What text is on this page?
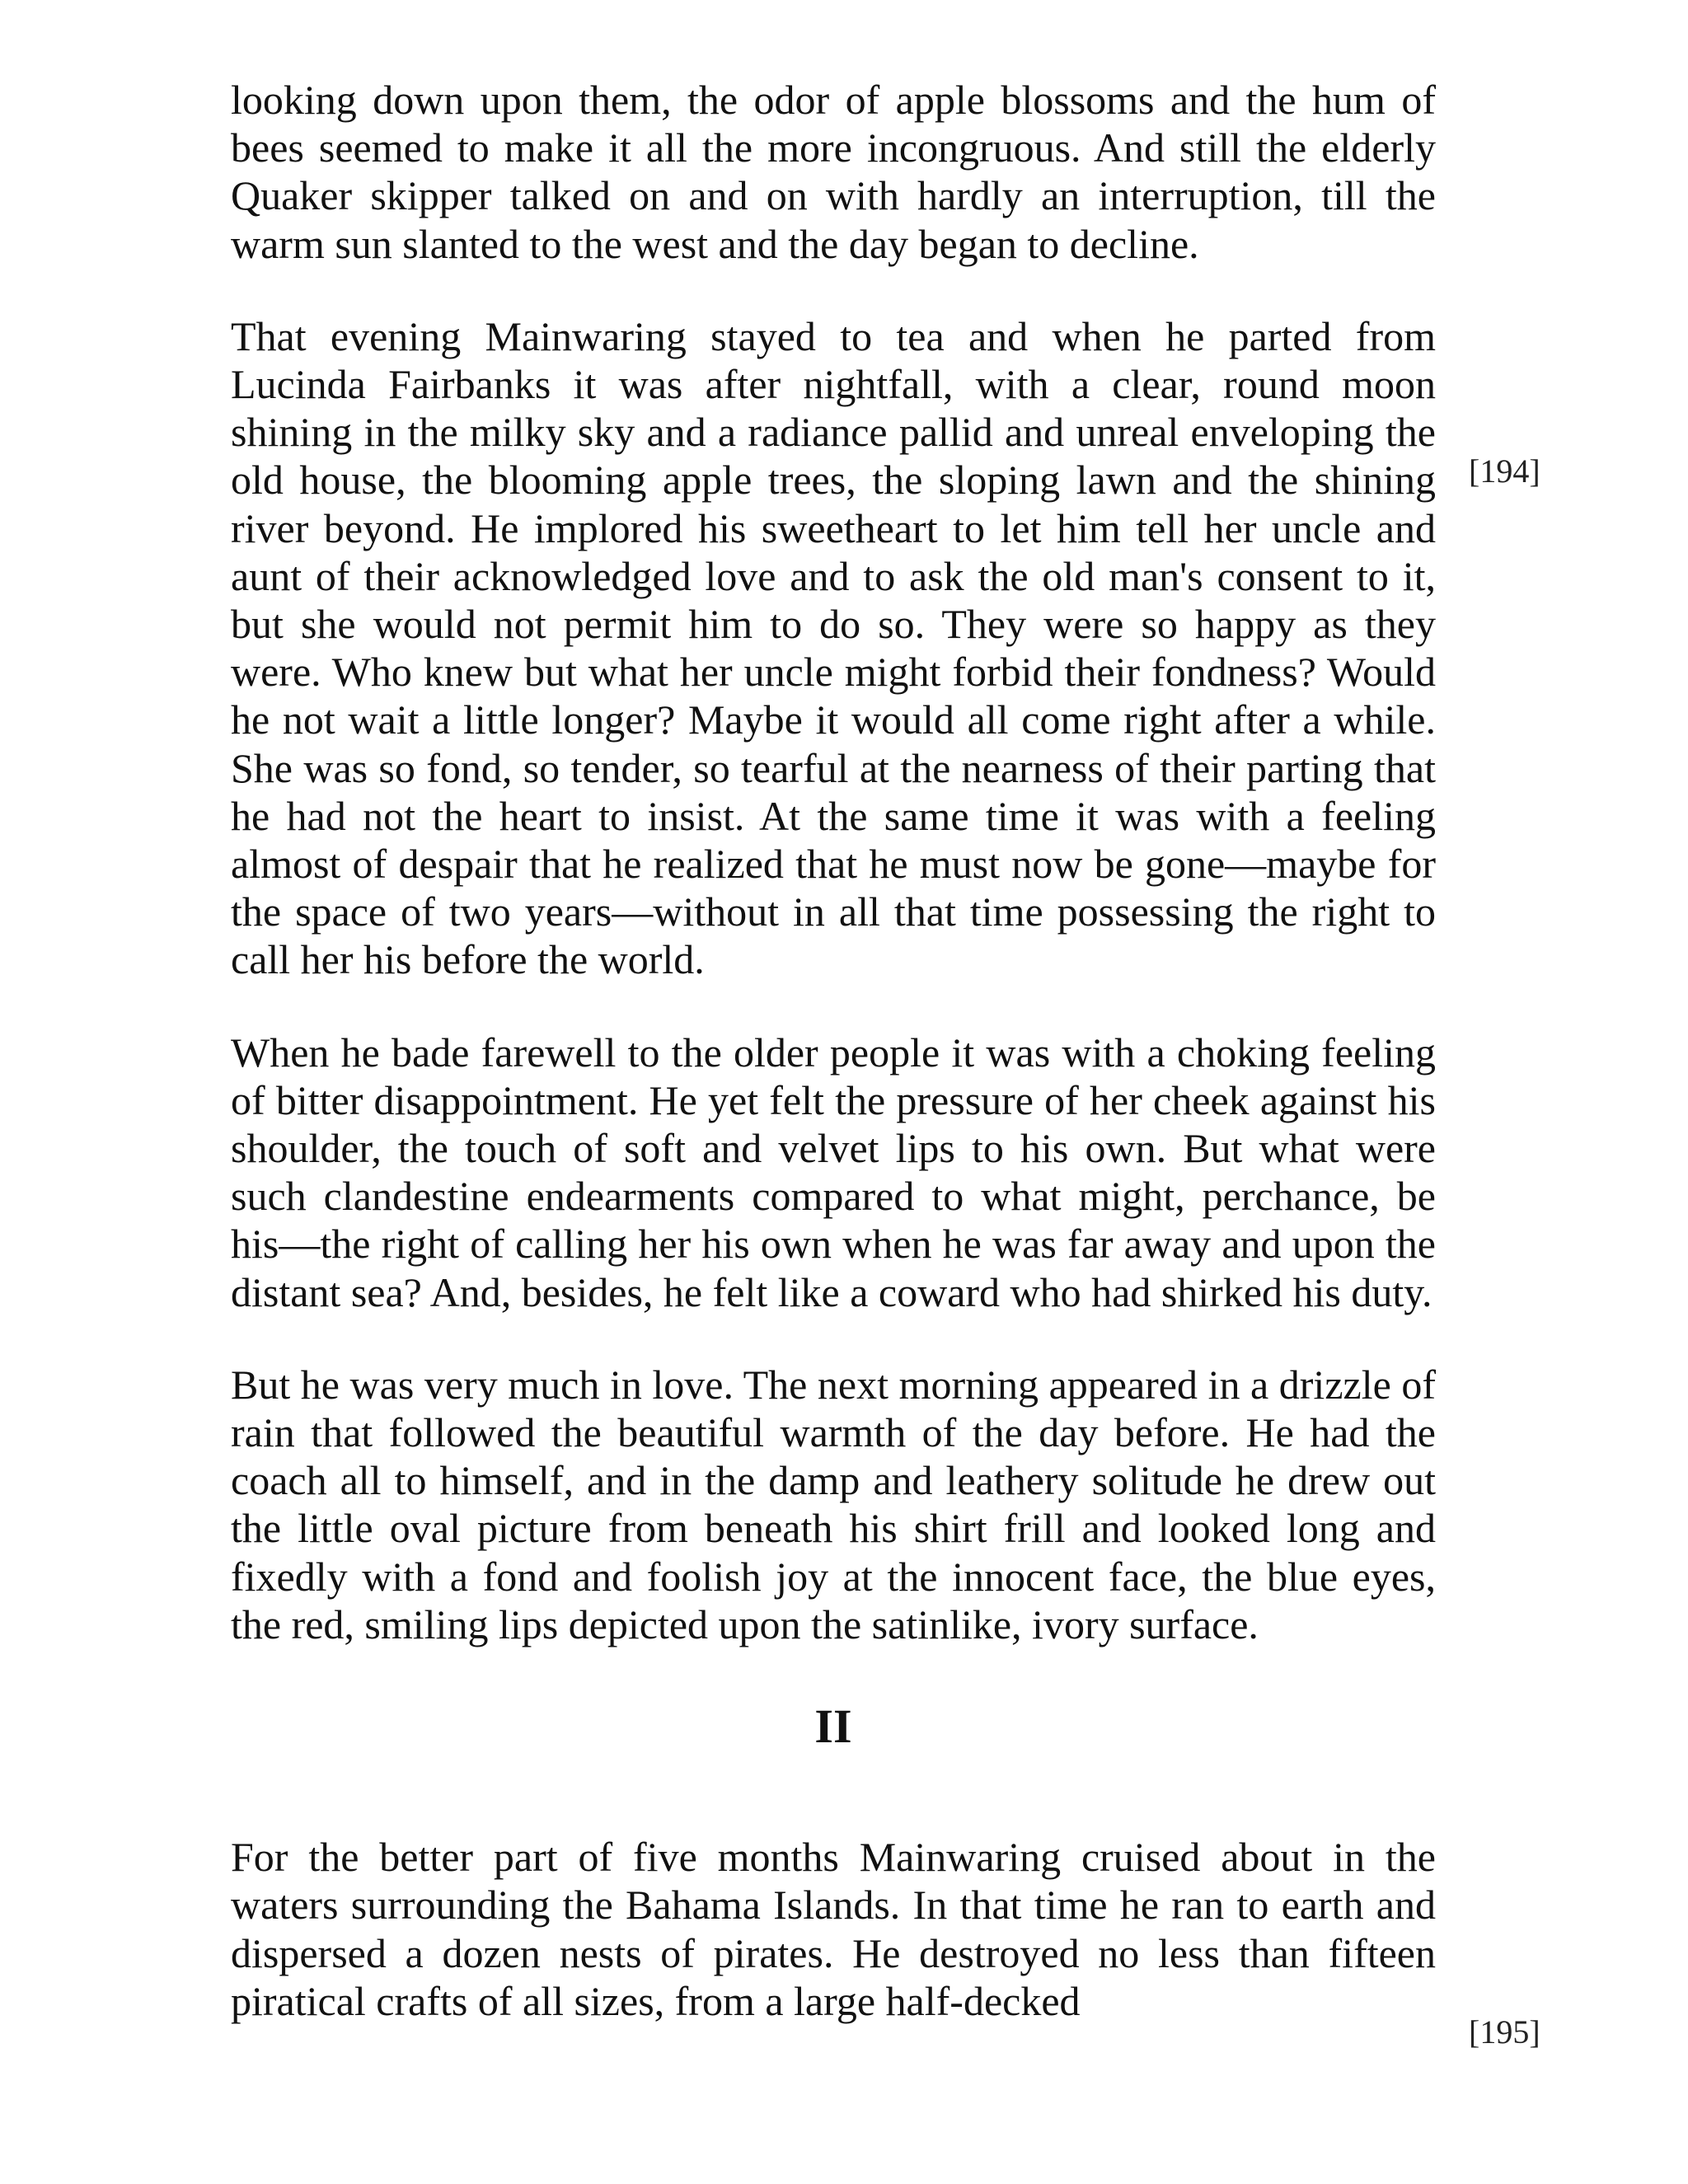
looking down upon them, the odor of apple blossoms and the hum of bees seemed to make it all the more incongruous. And still the elderly Quaker skipper talked on and on with hardly an interruption, till the warm sun slanted to the west and the day began to decline.

That evening Mainwaring stayed to tea and when he parted from Lucinda Fairbanks it was after nightfall, with a clear, round moon shining in the milky sky and a radiance pallid and unreal enveloping the old house, the blooming apple trees, the sloping lawn and the shining river beyond. He implored his sweetheart to let him tell her uncle and aunt of their acknowledged love and to ask the old man's consent to it, but she would not permit him to do so. They were so happy as they were. Who knew but what her uncle might forbid their fondness? Would he not wait a little longer? Maybe it would all come right after a while. She was so fond, so tender, so tearful at the nearness of their parting that he had not the heart to insist. At the same time it was with a feeling almost of despair that he realized that he must now be gone—maybe for the space of two years—without in all that time possessing the right to call her his before the world.

When he bade farewell to the older people it was with a choking feeling of bitter disappointment. He yet felt the pressure of her cheek against his shoulder, the touch of soft and velvet lips to his own. But what were such clandestine endearments compared to what might, perchance, be his—the right of calling her his own when he was far away and upon the distant sea? And, besides, he felt like a coward who had shirked his duty.

But he was very much in love. The next morning appeared in a drizzle of rain that followed the beautiful warmth of the day before. He had the coach all to himself, and in the damp and leathery solitude he drew out the little oval picture from beneath his shirt frill and looked long and fixedly with a fond and foolish joy at the innocent face, the blue eyes, the red, smiling lips depicted upon the satinlike, ivory surface.

II

For the better part of five months Mainwaring cruised about in the waters surrounding the Bahama Islands. In that time he ran to earth and dispersed a dozen nests of pirates. He destroyed no less than fifteen piratical crafts of all sizes, from a large half-decked

[194]
[195]
